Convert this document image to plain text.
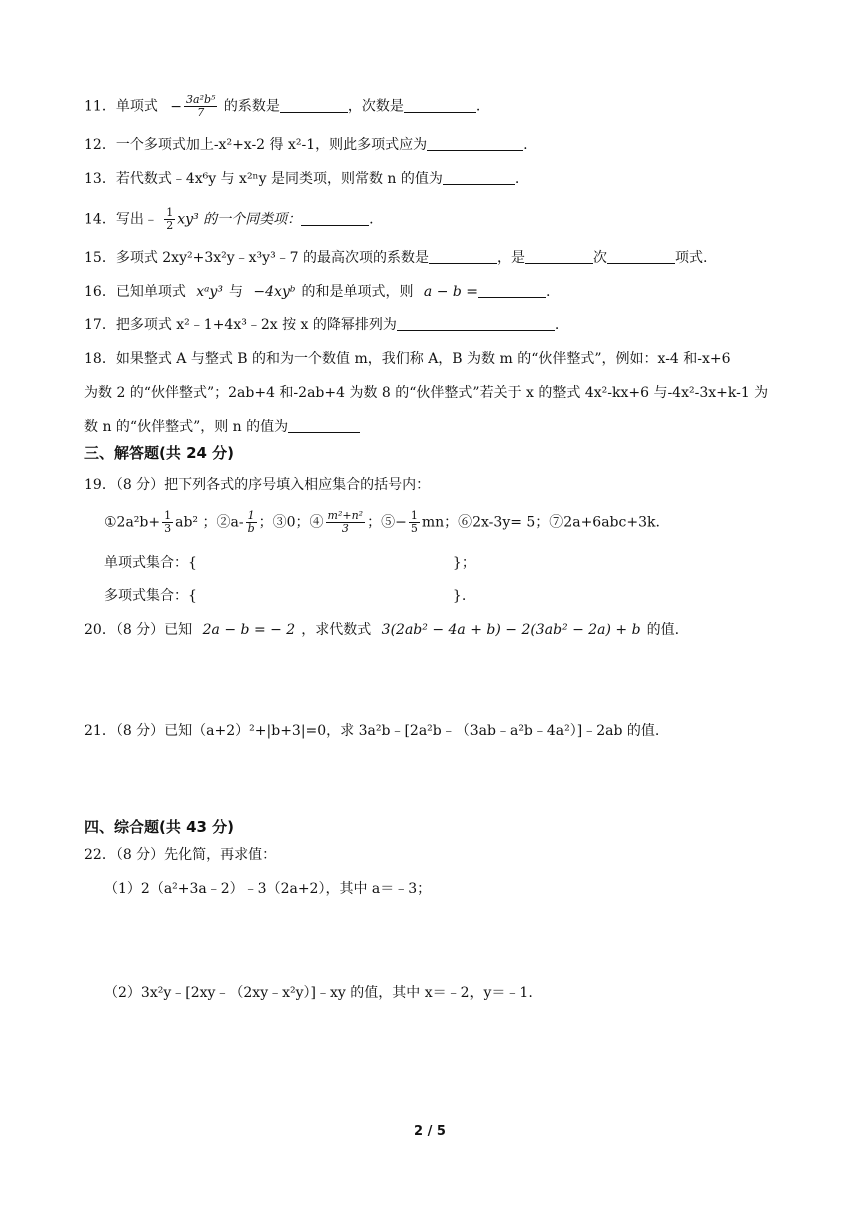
11．单项式 − $\frac{\text{3a²b⁵}}{7}$ 的系数是	，次数是	.
12．一个多项式加上-x²+x-2 得 x²-1，则此多项式应为	.
13．若代数式﹣4x⁶y 与 x²ⁿy 是同类项，则常数 n 的值为	.
14．写出﹣ $\frac{1}{2} xy^3$ 的一个同类项：	.
15．多项式 2xy²+3x²y﹣x³y³﹣7 的最高次项的系数是	，是	次	项式.
16．已知单项式 xᵃy³ 与 −4xyᵇ 的和是单项式，则 a − b =	.
17．把多项式 x²﹣1+4x³﹣2x 按 x 的降幂排列为	.
18．如果整式 A 与整式 B 的和为一个数值 m，我们称 A，B 为数 m 的“伙伴整式”，例如：x-4 和-x+6
为数 2 的“伙伴整式”；2ab+4 和-2ab+4 为数 8 的“伙伴整式”若关于 x 的整式 4x²-kx+6 与-4x²-3x+k-1 为
数 n 的“伙伴整式”，则 n 的值为
三、解答题(共 24 分)
19．（8 分）把下列各式的序号填入相应集合的括号内：
①2a²b+ $\frac{1}{3} ab^2$ ；②a- $\frac{1}{b}$ ；③0；④ $\frac{\text{m²+n²}}{3}$ ；⑤− $\frac{1}{5}$ mn；⑥2x-3y= 5；⑦2a+6abc+3k.
单项式集合：{	}；
多项式集合：{	}.
20．（8 分）已知 2a − b = − 2 ，求代数式 3(2ab² − 4a + b) − 2(3ab² − 2a) + b 的值.
21．（8 分）已知（a+2）²+|b+3|=0，求 3a²b﹣[2a²b﹣（3ab﹣a²b﹣4a²）]﹣2ab 的值.
四、综合题(共 43 分)
22．（8 分）先化简，再求值：
（1）2（a²+3a﹣2）﹣3（2a+2），其中 a＝﹣3；
（2）3x²y﹣[2xy﹣（2xy﹣x²y）]﹣xy 的值，其中 x＝﹣2，y＝﹣1.
2 / 5
